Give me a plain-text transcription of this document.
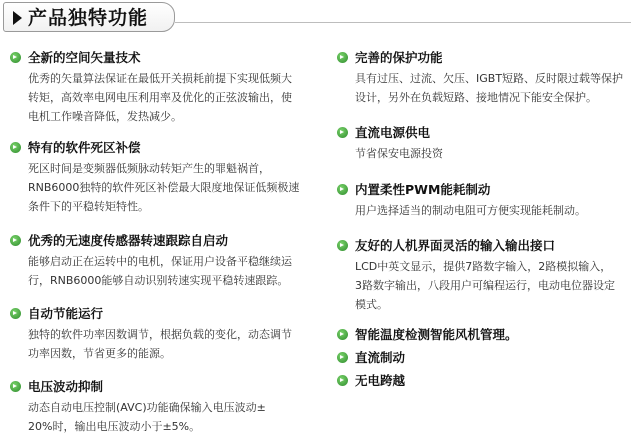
产品独特功能
全新的空间矢量技术
优秀的矢量算法保证在最低开关损耗前提下实现低频大
转矩，高效率电网电压利用率及优化的正弦波输出，使
电机工作噪音降低，发热减少。
特有的软件死区补偿
死区时间是变频器低频脉动转矩产生的罪魁祸首，
RNB6000独特的软件死区补偿最大限度地保证低频极速
条件下的平稳转矩特性。
优秀的无速度传感器转速跟踪自启动
能够启动正在运转中的电机，保证用户设备平稳继续运
行，RNB6000能够自动识别转速实现平稳转速跟踪。
自动节能运行
独特的软件功率因数调节，根据负载的变化，动态调节
功率因数，节省更多的能源。
电压波动抑制
动态自动电压控制(AVC)功能确保输入电压波动±
20%时，输出电压波动小于±5%。
完善的保护功能
具有过压、过流、欠压、IGBT短路、反时限过载等保护
设计，另外在负载短路、接地情况下能安全保护。
直流电源供电
节省保安电源投资
内置柔性PWM能耗制动
用户选择适当的制动电阻可方便实现能耗制动。
友好的人机界面灵活的输入输出接口
LCD中英文显示，提供7路数字输入，2路模拟输入，
3路数字输出，八段用户可编程运行，电动电位器设定
模式。
智能温度检测智能风机管理。
直流制动
无电跨越
